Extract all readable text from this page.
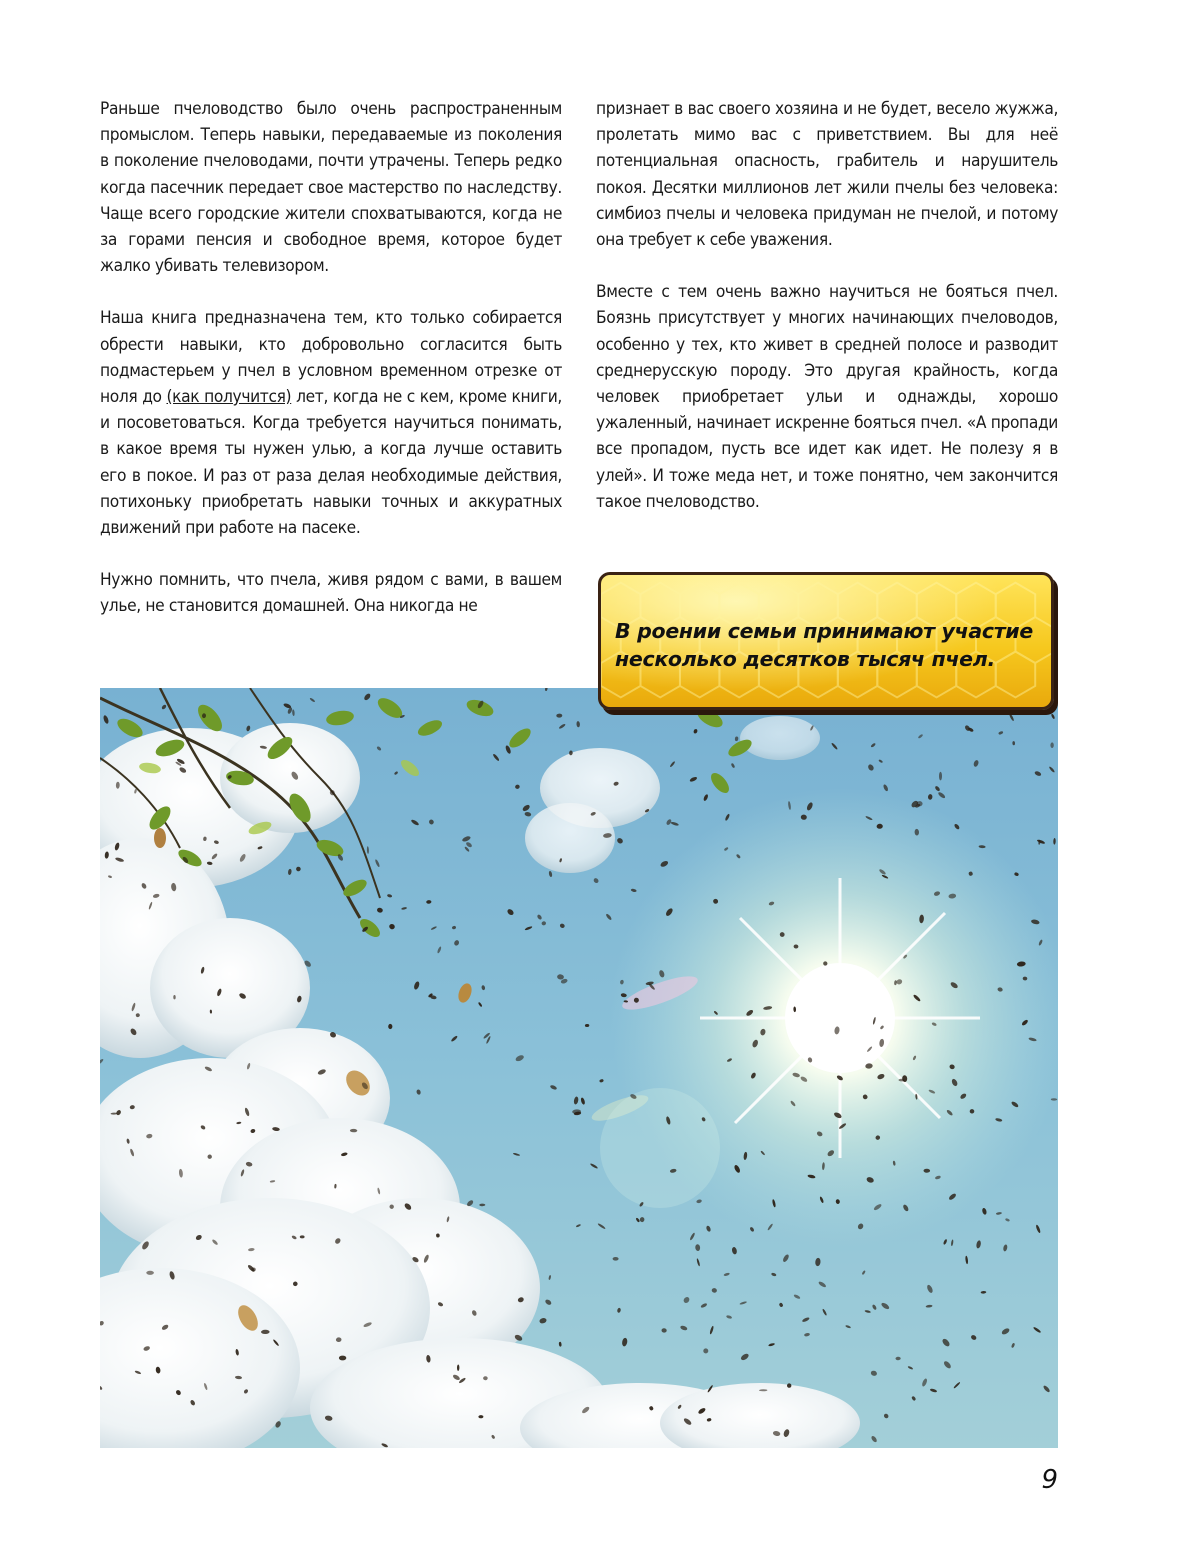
Раньше пчеловодство было очень распространенным промыслом. Теперь навыки, передаваемые из поколения в поколение пчеловодами, почти утрачены. Теперь редко когда пасечник передает свое мастерство по наследству. Чаще всего городские жители спохватываются, когда не за горами пенсия и свободное время, которое будет жалко убивать телевизором.

Наша книга предназначена тем, кто только собирается обрести навыки, кто добровольно согласится быть подмастерьем у пчел в условном временном отрезке от ноля до (как получится) лет, когда не с кем, кроме книги, и посоветоваться. Когда требуется научиться понимать, в какое время ты нужен улью, а когда лучше оставить его в покое. И раз от раза делая необходимые действия, потихоньку приобретать навыки точных и аккуратных движений при работе на пасеке.

Нужно помнить, что пчела, живя рядом с вами, в вашем улье, не становится домашней. Она никогда не

признает в вас своего хозяина и не будет, весело жужжа, пролетать мимо вас с приветствием. Вы для неё потенциальная опасность, грабитель и нарушитель покоя. Десятки миллионов лет жили пчелы без человека: симбиоз пчелы и человека придуман не пчелой, и потому она требует к себе уважения.

Вместе с тем очень важно научиться не бояться пчел. Боязнь присутствует у многих начинающих пчеловодов, особенно у тех, кто живет в средней полосе и разводит среднерусскую породу. Это другая крайность, когда человек приобретает ульи и однажды, хорошо ужаленный, начинает искренне бояться пчел. «А пропади все пропадом, пусть все идет как идет. Не полезу я в улей». И тоже меда нет, и тоже понятно, чем закончится такое пчеловодство.

В роении семьи принимают участие
несколько десятков тысяч пчел.
9
